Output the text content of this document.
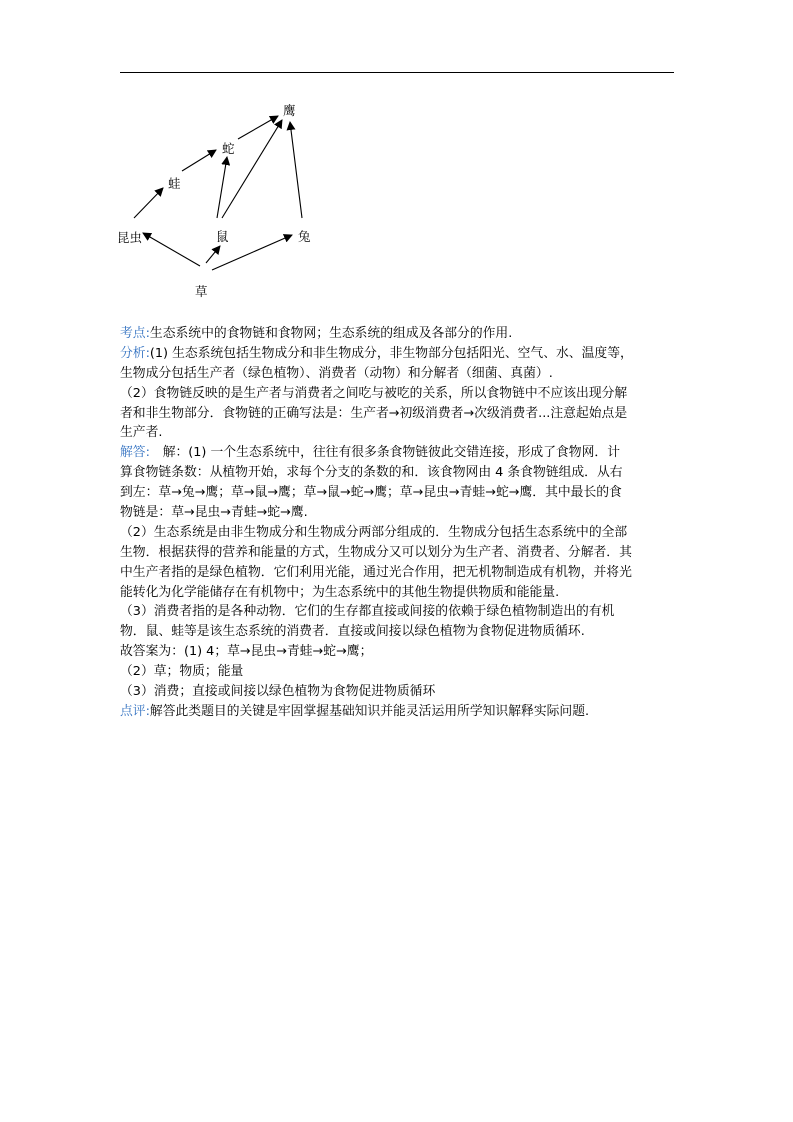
鹰
蛇
蛙
昆虫	鼠	兔
草
考点:生态系统中的食物链和食物网；生态系统的组成及各部分的作用.
分析:(1) 生态系统包括生物成分和非生物成分，非生物部分包括阳光、空气、水、温度等，
生物成分包括生产者（绿色植物）、消费者（动物）和分解者（细菌、真菌）.
（2）食物链反映的是生产者与消费者之间吃与被吃的关系，所以食物链中不应该出现分解
者和非生物部分．食物链的正确写法是：生产者→初级消费者→次级消费者...注意起始点是
生产者.
解答:　解：(1) 一个生态系统中，往往有很多条食物链彼此交错连接，形成了食物网．计
算食物链条数：从植物开始，求每个分支的条数的和．该食物网由 4 条食物链组成．从右
到左：草→兔→鹰；草→鼠→鹰；草→鼠→蛇→鹰；草→昆虫→青蛙→蛇→鹰．其中最长的食
物链是：草→昆虫→青蛙→蛇→鹰.
（2）生态系统是由非生物成分和生物成分两部分组成的．生物成分包括生态系统中的全部
生物．根据获得的营养和能量的方式，生物成分又可以划分为生产者、消费者、分解者．其
中生产者指的是绿色植物．它们利用光能，通过光合作用，把无机物制造成有机物，并将光
能转化为化学能储存在有机物中；为生态系统中的其他生物提供物质和能能量.
（3）消费者指的是各种动物．它们的生存都直接或间接的依赖于绿色植物制造出的有机
物．鼠、蛙等是该生态系统的消费者．直接或间接以绿色植物为食物促进物质循环.
故答案为：(1) 4；草→昆虫→青蛙→蛇→鹰；
（2）草；物质；能量
（3）消费；直接或间接以绿色植物为食物促进物质循环
点评:解答此类题目的关键是牢固掌握基础知识并能灵活运用所学知识解释实际问题.
